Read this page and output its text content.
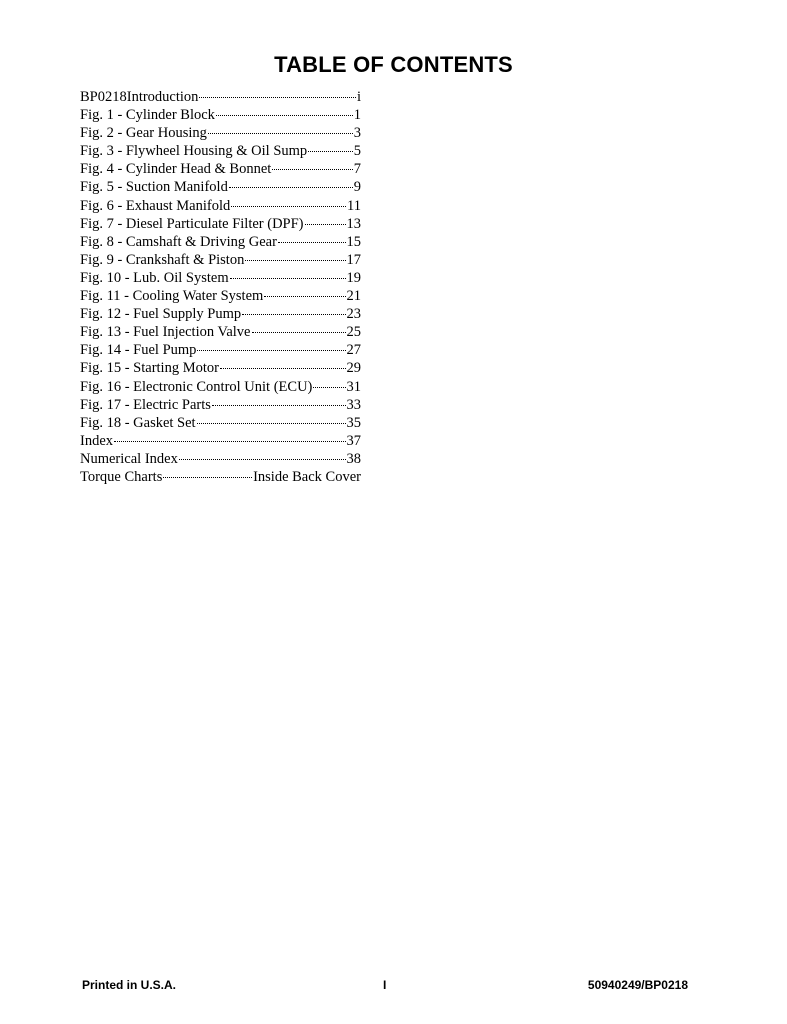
TABLE OF CONTENTS
BP0218Introduction	i
Fig. 1 - Cylinder Block	1
Fig. 2 - Gear Housing	3
Fig. 3 - Flywheel Housing & Oil Sump	5
Fig. 4 - Cylinder Head & Bonnet	7
Fig. 5 - Suction Manifold	9
Fig. 6 - Exhaust Manifold	11
Fig. 7 - Diesel Particulate Filter (DPF)	13
Fig. 8 - Camshaft & Driving Gear	15
Fig. 9 - Crankshaft & Piston	17
Fig. 10 - Lub. Oil System	19
Fig. 11 - Cooling Water System	21
Fig. 12 - Fuel Supply Pump	23
Fig. 13 - Fuel Injection Valve	25
Fig. 14 - Fuel Pump	27
Fig. 15 - Starting Motor	29
Fig. 16 - Electronic Control Unit (ECU) 31
Fig. 17 - Electric Parts	33
Fig. 18 - Gasket Set	35
Index	37
Numerical Index	38
Torque Charts	Inside Back Cover
Printed in U.S.A.	I	50940249/BP0218
